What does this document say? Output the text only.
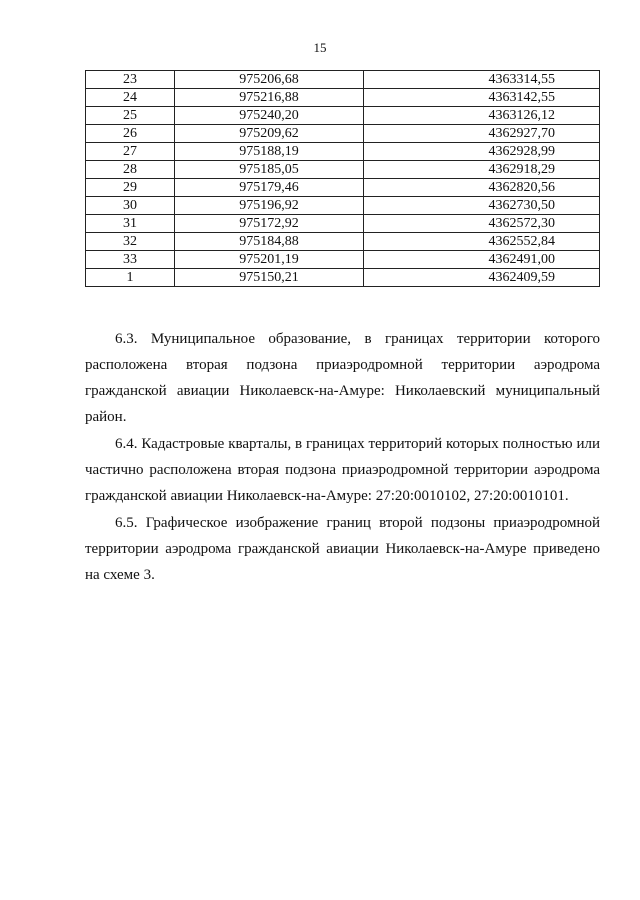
15
23	975206,68	4363314,55
24	975216,88	4363142,55
25	975240,20	4363126,12
26	975209,62	4362927,70
27	975188,19	4362928,99
28	975185,05	4362918,29
29	975179,46	4362820,56
30	975196,92	4362730,50
31	975172,92	4362572,30
32	975184,88	4362552,84
33	975201,19	4362491,00
1	975150,21	4362409,59

6.3. Муниципальное образование, в границах территории которого расположена вторая подзона приаэродромной территории аэродрома гражданской авиации Николаевск-на-Амуре: Николаевский муниципальный район.

6.4. Кадастровые кварталы, в границах территорий которых полностью или частично расположена вторая подзона приаэродромной территории аэродрома гражданской авиации Николаевск-на-Амуре: 27:20:0010102, 27:20:0010101.

6.5. Графическое изображение границ второй подзоны приаэродромной территории аэродрома гражданской авиации Николаевск-на-Амуре приведено на схеме 3.
